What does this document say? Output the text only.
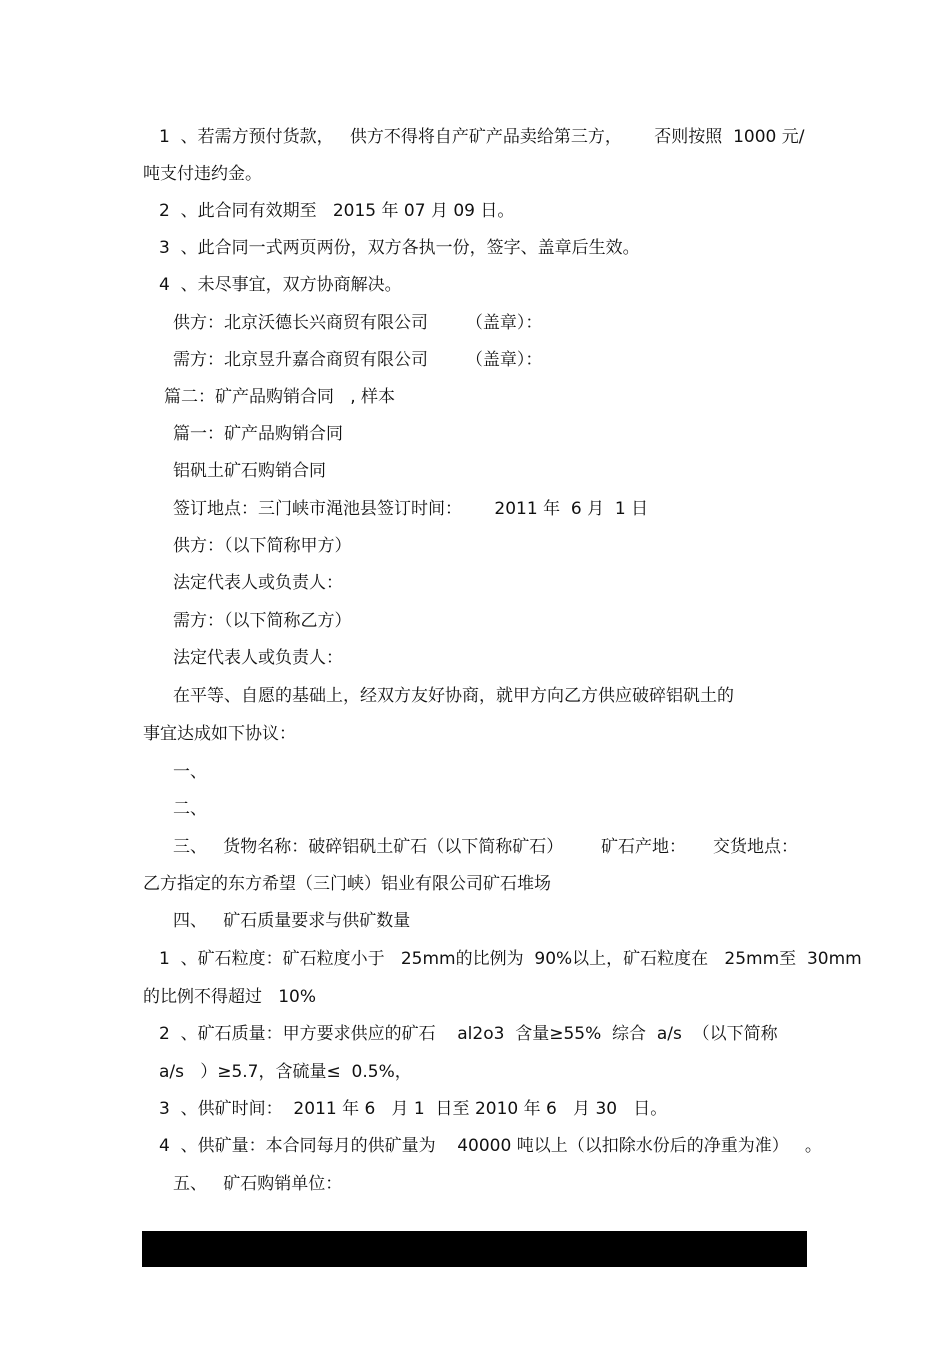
1  、若需方预付货款，   供方不得将自产矿产品卖给第三方，      否则按照  1000 元/
吨支付违约金。
2  、此合同有效期至   2015 年 07 月 09 日。
3  、此合同一式两页两份，双方各执一份，签字、盖章后生效。
4  、未尽事宜，双方协商解决。
供方：北京沃德长兴商贸有限公司       （盖章）：
需方：北京昱升嘉合商贸有限公司       （盖章）：
篇二：矿产品购销合同   , 样本
篇一：矿产品购销合同
铝矾土矿石购销合同
签订地点：三门峡市渑池县签订时间：      2011 年  6 月  1 日
供方：（以下简称甲方）
法定代表人或负责人：
需方：（以下简称乙方）
法定代表人或负责人：
在平等、自愿的基础上，经双方友好协商，就甲方向乙方供应破碎铝矾土的
事宜达成如下协议：
一、
二、
三、   货物名称：破碎铝矾土矿石（以下简称矿石）       矿石产地：     交货地点：
乙方指定的东方希望（三门峡）铝业有限公司矿石堆场
四、   矿石质量要求与供矿数量
1  、矿石粒度：矿石粒度小于   25mm的比例为  90%以上，矿石粒度在   25mm至  30mm
的比例不得超过   10%
2  、矿石质量：甲方要求供应的矿石    al2o3  含量≥55%  综合  a/s  （以下简称
a/s   ）≥5.7，含硫量≤  0.5%，
3  、供矿时间：  2011 年 6   月 1  日至 2010 年 6   月 30   日。
4  、供矿量：本合同每月的供矿量为    40000 吨以上（以扣除水份后的净重为准）   。
五、   矿石购销单位：
